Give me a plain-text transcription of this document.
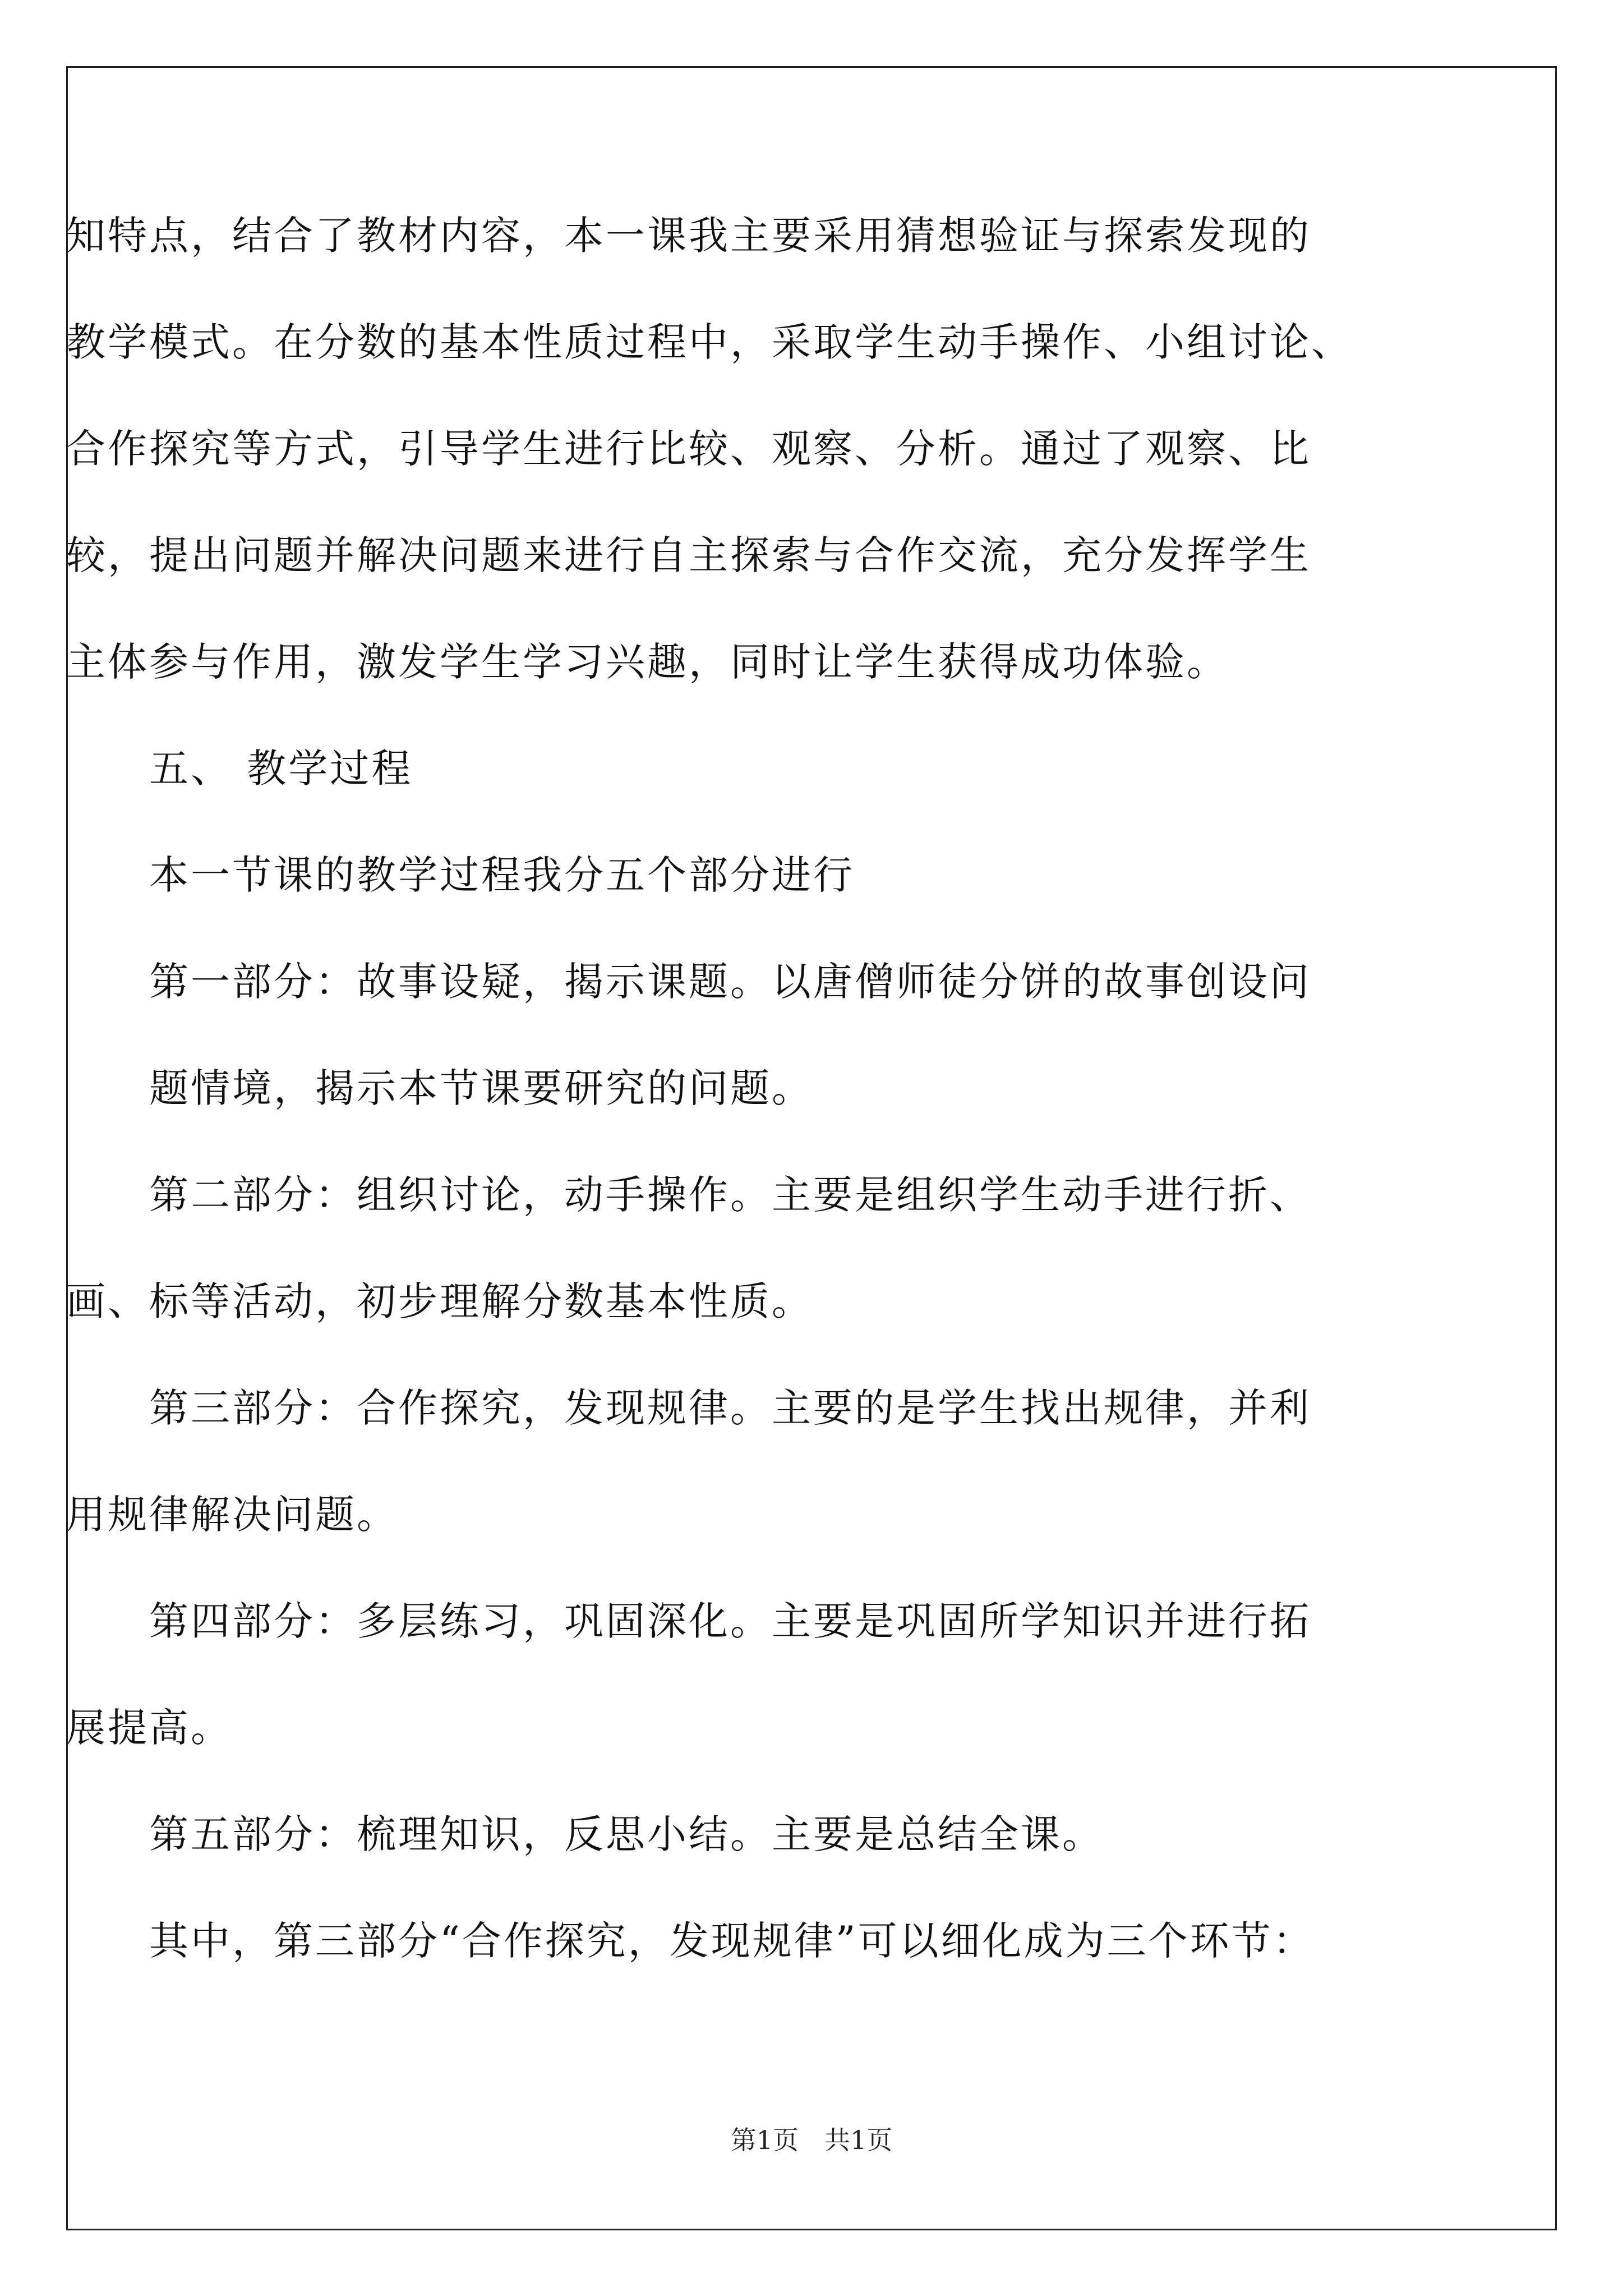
知特点，结合了教材内容，本一课我主要采用猜想验证与探索发现的
教学模式。在分数的基本性质过程中，采取学生动手操作、小组讨论、
合作探究等方式，引导学生进行比较、观察、分析。通过了观察、比
较，提出问题并解决问题来进行自主探索与合作交流，充分发挥学生
主体参与作用，激发学生学习兴趣，同时让学生获得成功体验。
五、 教学过程
本一节课的教学过程我分五个部分进行
第一部分：故事设疑，揭示课题。以唐僧师徒分饼的故事创设问
题情境，揭示本节课要研究的问题。
第二部分：组织讨论，动手操作。主要是组织学生动手进行折、
画、标等活动，初步理解分数基本性质。
第三部分：合作探究，发现规律。主要的是学生找出规律，并利
用规律解决问题。
第四部分：多层练习，巩固深化。主要是巩固所学知识并进行拓
展提高。
第五部分：梳理知识，反思小结。主要是总结全课。
其中，第三部分“合作探究，发现规律”可以细化成为三个环节：
第1页　共1页
